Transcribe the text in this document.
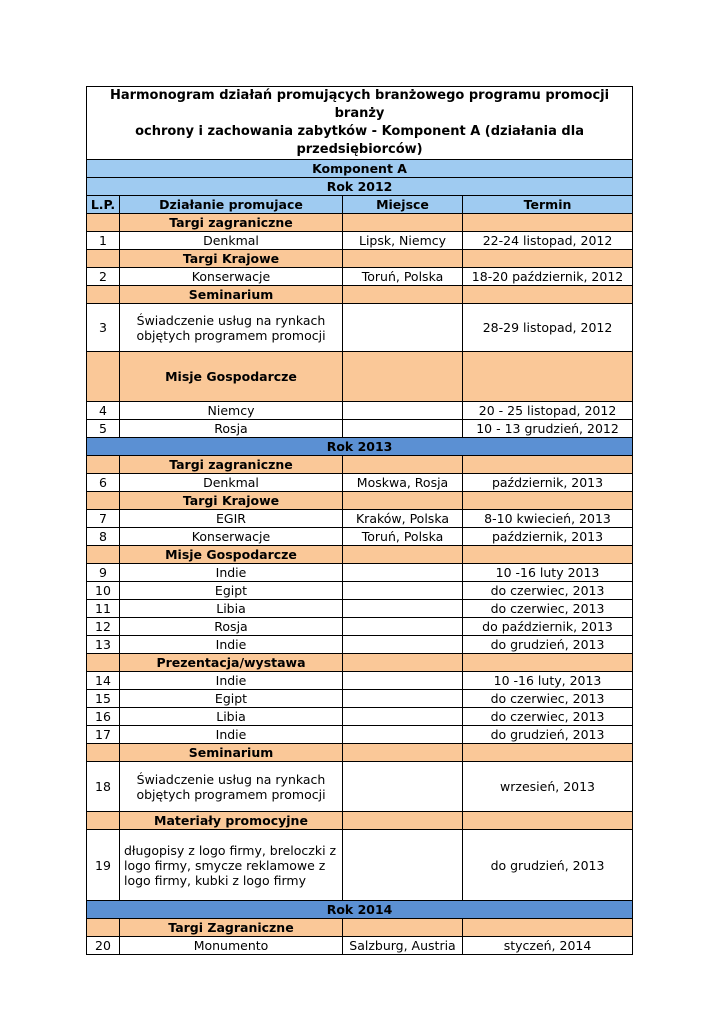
Harmonogram działań promujących branżowego programu promocji branży
ochrony i zachowania zabytków - Komponent A (działania dla przedsiębiorców)			
Komponent A			
Rok 2012			
L.P.	Działanie promujace	Miejsce	Termin
	Targi zagraniczne		
1	Denkmal	Lipsk, Niemcy	22-24 listopad, 2012
	Targi Krajowe		
2	Konserwacje	Toruń, Polska	18-20 październik, 2012
	Seminarium		
3	Świadczenie usług na rynkach objętych programem promocji		28-29 listopad, 2012
	Misje Gospodarcze		
4	Niemcy		20 - 25 listopad, 2012
5	Rosja		10 - 13 grudzień, 2012
Rok 2013			
	Targi zagraniczne		
6	Denkmal	Moskwa, Rosja	październik, 2013
	Targi Krajowe		
7	EGIR	Kraków, Polska	8-10 kwiecień, 2013
8	Konserwacje	Toruń, Polska	październik, 2013
	Misje Gospodarcze		
9	Indie		10 -16 luty 2013
10	Egipt		do czerwiec, 2013
11	Libia		do czerwiec, 2013
12	Rosja		do październik, 2013
13	Indie		do grudzień, 2013
	Prezentacja/wystawa		
14	Indie		10 -16 luty, 2013
15	Egipt		do czerwiec, 2013
16	Libia		do czerwiec, 2013
17	Indie		do grudzień, 2013
	Seminarium		
18	Świadczenie usług na rynkach objętych programem promocji		wrzesień, 2013
	Materiały promocyjne		
19	długopisy z logo firmy, breloczki z logo firmy, smycze reklamowe z logo firmy, kubki z logo firmy		do grudzień, 2013
Rok 2014			
	Targi Zagraniczne		
20	Monumento	Salzburg, Austria	styczeń, 2014
